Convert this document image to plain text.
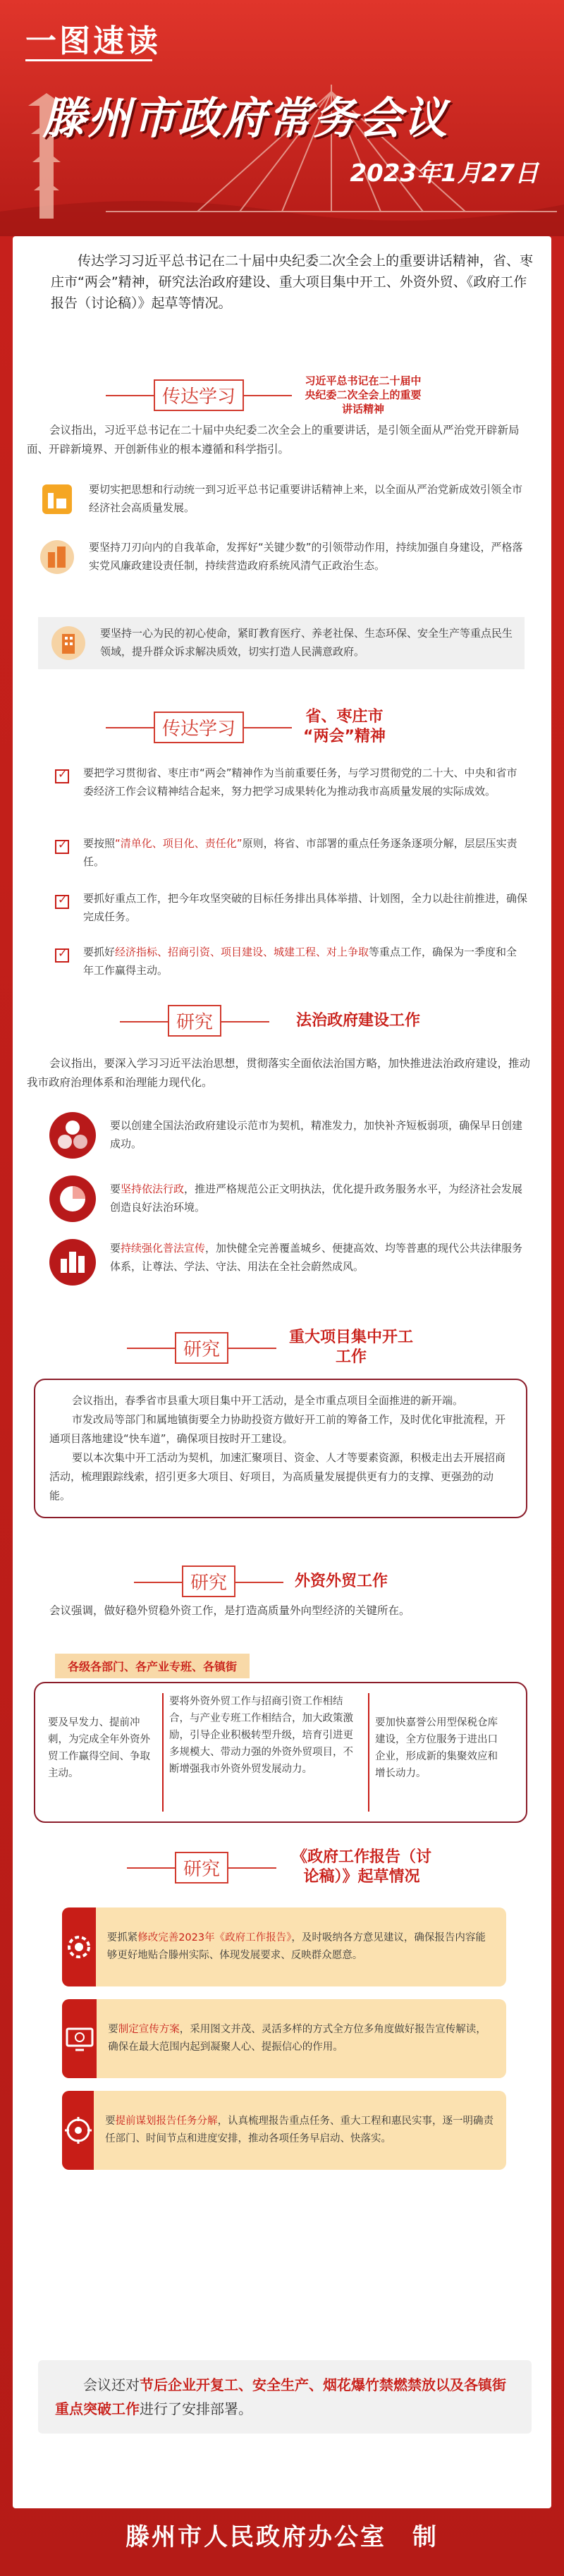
一图速读
滕州市政府常务会议
2023年1月27日
传达学习习近平总书记在二十届中央纪委二次全会上的重要讲话精神，省、枣庄市“两会”精神，研究法治政府建设、重大项目集中开工、外资外贸、《政府工作报告（讨论稿）》起草等情况。
传达学习
习近平总书记在二十届中央纪委二次全会上的重要讲话精神
会议指出，习近平总书记在二十届中央纪委二次全会上的重要讲话，是引领全面从严治党开辟新局面、开辟新境界、开创新伟业的根本遵循和科学指引。
要切实把思想和行动统一到习近平总书记重要讲话精神上来，以全面从严治党新成效引领全市经济社会高质量发展。
要坚持刀刃向内的自我革命，发挥好“关键少数”的引领带动作用，持续加强自身建设，严格落实党风廉政建设责任制，持续营造政府系统风清气正政治生态。
要坚持一心为民的初心使命，紧盯教育医疗、养老社保、生态环保、安全生产等重点民生领域，提升群众诉求解决质效，切实打造人民满意政府。
传达学习
省、枣庄市
“两会”精神
✓
要把学习贯彻省、枣庄市“两会”精神作为当前重要任务，与学习贯彻党的二十大、中央和省市委经济工作会议精神结合起来，努力把学习成果转化为推动我市高质量发展的实际成效。
✓
要按照“清单化、项目化、责任化”原则，将省、市部署的重点任务逐条逐项分解，层层压实责任。
✓
要抓好重点工作，把今年攻坚突破的目标任务排出具体举措、计划图，全力以赴往前推进，确保完成任务。
✓
要抓好经济指标、招商引资、项目建设、城建工程、对上争取等重点工作，确保为一季度和全年工作赢得主动。
研究	法治政府建设工作
会议指出，要深入学习习近平法治思想，贯彻落实全面依法治国方略，加快推进法治政府建设，推动我市政府治理体系和治理能力现代化。
要以创建全国法治政府建设示范市为契机，精准发力，加快补齐短板弱项，确保早日创建成功。
要坚持依法行政，推进严格规范公正文明执法，优化提升政务服务水平，为经济社会发展创造良好法治环境。
要持续强化普法宣传，加快健全完善覆盖城乡、便捷高效、均等普惠的现代公共法律服务体系，让尊法、学法、守法、用法在全社会蔚然成风。
研究
重大项目集中开工工作

会议指出，春季省市县重大项目集中开工活动，是全市重点项目全面推进的新开端。

市发改局等部门和属地镇街要全力协助投资方做好开工前的筹备工作，及时优化审批流程，开通项目落地建设“快车道”，确保项目按时开工建设。

要以本次集中开工活动为契机，加速汇聚项目、资金、人才等要素资源，积极走出去开展招商活动，梳理跟踪线索，招引更多大项目、好项目，为高质量发展提供更有力的支撑、更强劲的动能。

研究	外资外贸工作
会议强调，做好稳外贸稳外资工作，是打造高质量外向型经济的关键所在。
各级各部门、各产业专班、各镇街
要及早发力、提前冲刺，为完成全年外资外贸工作赢得空间、争取主动。
要将外资外贸工作与招商引资工作相结合，与产业专班工作相结合，加大政策激励，引导企业积极转型升级，培育引进更多规模大、带动力强的外资外贸项目，不断增强我市外资外贸发展动力。
要加快嘉誉公用型保税仓库建设，全方位服务于进出口企业，形成新的集聚效应和增长动力。
研究
《政府工作报告（讨论稿）》起草情况
要抓紧修改完善2023年《政府工作报告》，及时吸纳各方意见建议，确保报告内容能够更好地贴合滕州实际、体现发展要求、反映群众愿意。
要制定宣传方案，采用图文并茂、灵活多样的方式全方位多角度做好报告宣传解读，确保在最大范围内起到凝聚人心、提振信心的作用。
要提前谋划报告任务分解，认真梳理报告重点任务、重大工程和惠民实事，逐一明确责任部门、时间节点和进度安排，推动各项任务早启动、快落实。
会议还对节后企业开复工、安全生产、烟花爆竹禁燃禁放以及各镇街重点突破工作进行了安排部署。
滕州市人民政府办公室　制
